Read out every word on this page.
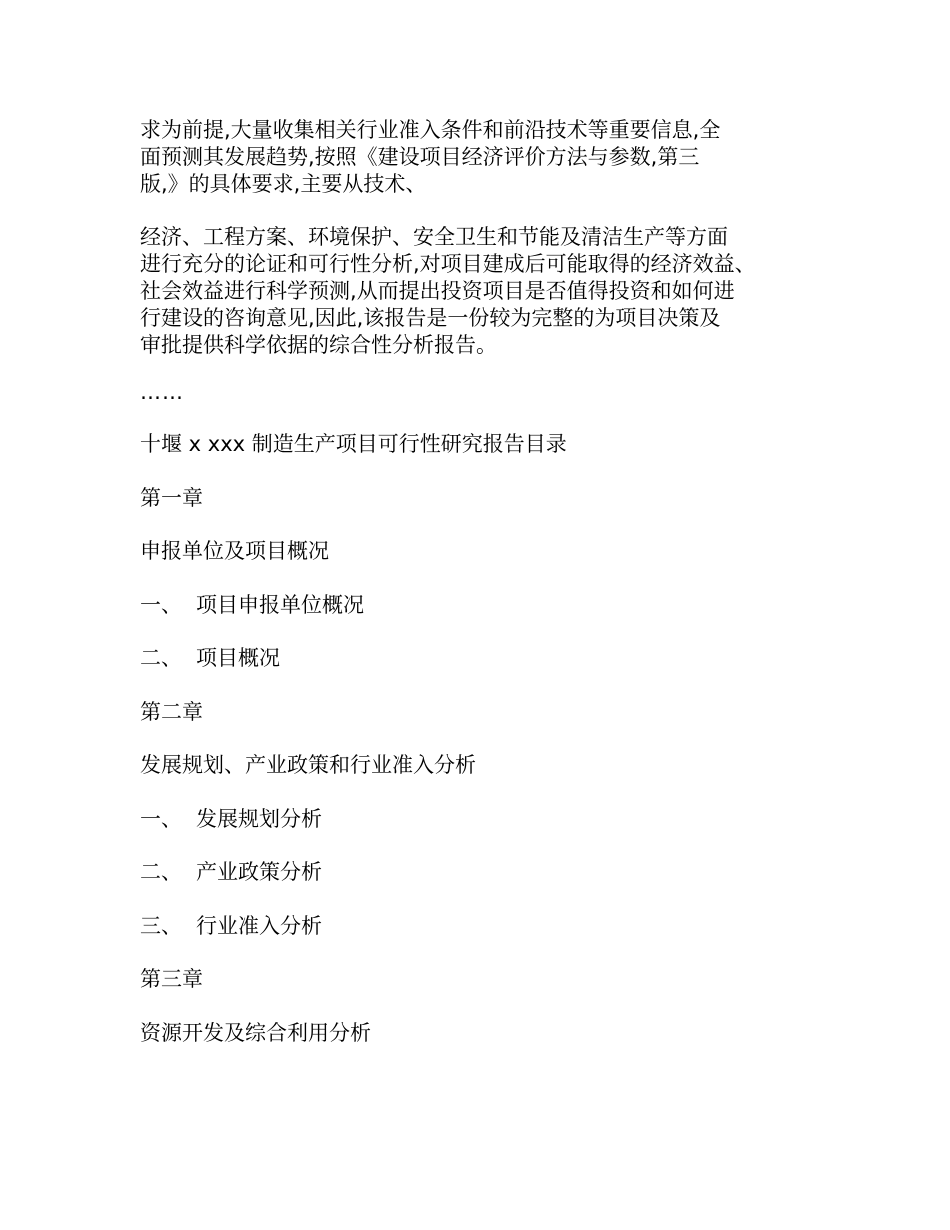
求为前提,大量收集相关行业准入条件和前沿技术等重要信息,全
面预测其发展趋势,按照《建设项目经济评价方法与参数,第三
版,》的具体要求,主要从技术、
经济、工程方案、环境保护、安全卫生和节能及清洁生产等方面
进行充分的论证和可行性分析,对项目建成后可能取得的经济效益、
社会效益进行科学预测,从而提出投资项目是否值得投资和如何进
行建设的咨询意见,因此,该报告是一份较为完整的为项目决策及
审批提供科学依据的综合性分析报告。
……
十堰 x xxx 制造生产项目可行性研究报告目录
第一章
申报单位及项目概况
一、 项目申报单位概况
二、 项目概况
第二章
发展规划、产业政策和行业准入分析
一、 发展规划分析
二、 产业政策分析
三、 行业准入分析
第三章
资源开发及综合利用分析
